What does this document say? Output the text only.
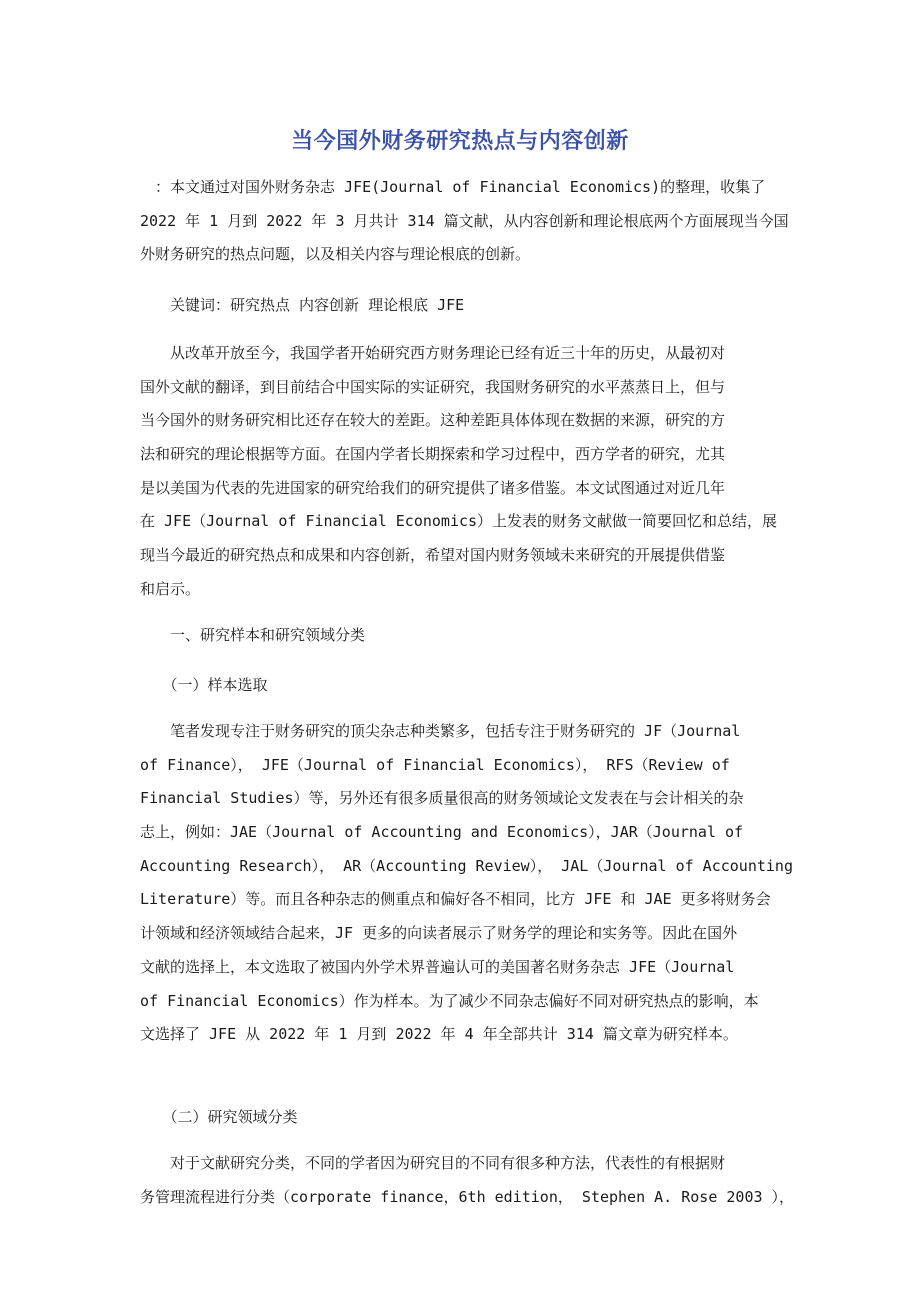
当今国外财务研究热点与内容创新
　：本文通过对国外财务杂志 JFE(Journal of Financial Economics)的整理，收集了
2022 年 1 月到 2022 年 3 月共计 314 篇文献，从内容创新和理论根底两个方面展现当今国
外财务研究的热点问题，以及相关内容与理论根底的创新。
　　关键词：研究热点 内容创新 理论根底 JFE
　　从改革开放至今，我国学者开始研究西方财务理论已经有近三十年的历史，从最初对
国外文献的翻译，到目前结合中国实际的实证研究，我国财务研究的水平蒸蒸日上，但与
当今国外的财务研究相比还存在较大的差距。这种差距具体体现在数据的来源，研究的方
法和研究的理论根据等方面。在国内学者长期探索和学习过程中，西方学者的研究，尤其
是以美国为代表的先进国家的研究给我们的研究提供了诸多借鉴。本文试图通过对近几年
在 JFE（Journal of Financial Economics）上发表的财务文献做一简要回忆和总结，展
现当今最近的研究热点和成果和内容创新，希望对国内财务领域未来研究的开展提供借鉴
和启示。
　　一、研究样本和研究领域分类
　　（一）样本选取
　　笔者发现专注于财务研究的顶尖杂志种类繁多，包括专注于财务研究的 JF（Journal
of Finance）， JFE（Journal of Financial Economics）， RFS（Review of
Financial Studies）等，另外还有很多质量很高的财务领域论文发表在与会计相关的杂
志上，例如：JAE（Journal of Accounting and Economics），JAR（Journal of
Accounting Research）， AR（Accounting Review）， JAL（Journal of Accounting
Literature）等。而且各种杂志的侧重点和偏好各不相同，比方 JFE 和 JAE 更多将财务会
计领域和经济领域结合起来，JF 更多的向读者展示了财务学的理论和实务等。因此在国外
文献的选择上，本文选取了被国内外学术界普遍认可的美国著名财务杂志 JFE（Journal
of Financial Economics）作为样本。为了减少不同杂志偏好不同对研究热点的影响，本
文选择了 JFE 从 2022 年 1 月到 2022 年 4 年全部共计 314 篇文章为研究样本。
　　（二）研究领域分类
　　对于文献研究分类，不同的学者因为研究目的不同有很多种方法，代表性的有根据财
务管理流程进行分类（corporate finance，6th edition， Stephen A. Rose 2003 ），
